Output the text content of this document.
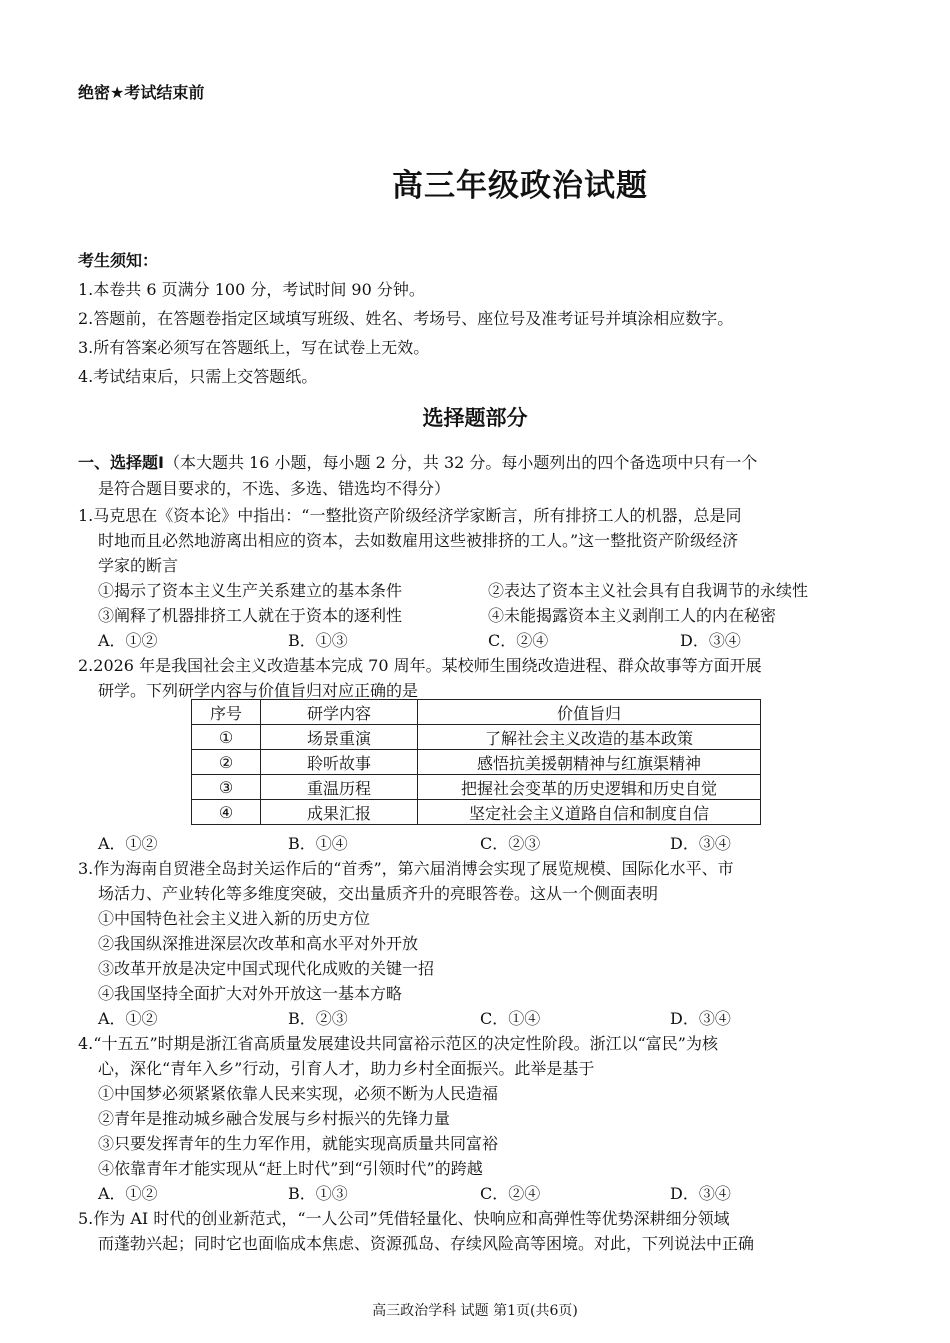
绝密★考试结束前
高三年级政治试题
考生须知：
1.本卷共 6 页满分 100 分，考试时间 90 分钟。
2.答题前，在答题卷指定区域填写班级、姓名、考场号、座位号及准考证号并填涂相应数字。
3.所有答案必须写在答题纸上，写在试卷上无效。
4.考试结束后，只需上交答题纸。
选择题部分
一、选择题Ⅰ（本大题共 16 小题，每小题 2 分，共 32 分。每小题列出的四个备选项中只有一个
是符合题目要求的，不选、多选、错选均不得分）
1.马克思在《资本论》中指出：“一整批资产阶级经济学家断言，所有排挤工人的机器，总是同
时地而且必然地游离出相应的资本，去如数雇用这些被排挤的工人。”这一整批资产阶级经济
学家的断言
①揭示了资本主义生产关系建立的基本条件	②表达了资本主义社会具有自我调节的永续性
③阐释了机器排挤工人就在于资本的逐利性	④未能揭露资本主义剥削工人的内在秘密
A．①②	B．①③	C．②④	D．③④
2.2026 年是我国社会主义改造基本完成 70 周年。某校师生围绕改造进程、群众故事等方面开展
研学。下列研学内容与价值旨归对应正确的是
序号	研学内容	价值旨归
①	场景重演	了解社会主义改造的基本政策
②	聆听故事	感悟抗美援朝精神与红旗渠精神
③	重温历程	把握社会变革的历史逻辑和历史自觉
④	成果汇报	坚定社会主义道路自信和制度自信
A．①②	B．①④	C．②③	D．③④
3.作为海南自贸港全岛封关运作后的“首秀”，第六届消博会实现了展览规模、国际化水平、市
场活力、产业转化等多维度突破，交出量质齐升的亮眼答卷。这从一个侧面表明
①中国特色社会主义进入新的历史方位
②我国纵深推进深层次改革和高水平对外开放
③改革开放是决定中国式现代化成败的关键一招
④我国坚持全面扩大对外开放这一基本方略
A．①②	B．②③	C．①④	D．③④
4.“十五五”时期是浙江省高质量发展建设共同富裕示范区的决定性阶段。浙江以“富民”为核
心，深化“青年入乡”行动，引育人才，助力乡村全面振兴。此举是基于
①中国梦必须紧紧依靠人民来实现，必须不断为人民造福
②青年是推动城乡融合发展与乡村振兴的先锋力量
③只要发挥青年的生力军作用，就能实现高质量共同富裕
④依靠青年才能实现从“赶上时代”到“引领时代”的跨越
A．①②	B．①③	C．②④	D．③④
5.作为 AI 时代的创业新范式，“一人公司”凭借轻量化、快响应和高弹性等优势深耕细分领域
而蓬勃兴起；同时它也面临成本焦虑、资源孤岛、存续风险高等困境。对此，下列说法中正确
高三政治学科 试题 第1页(共6页)
